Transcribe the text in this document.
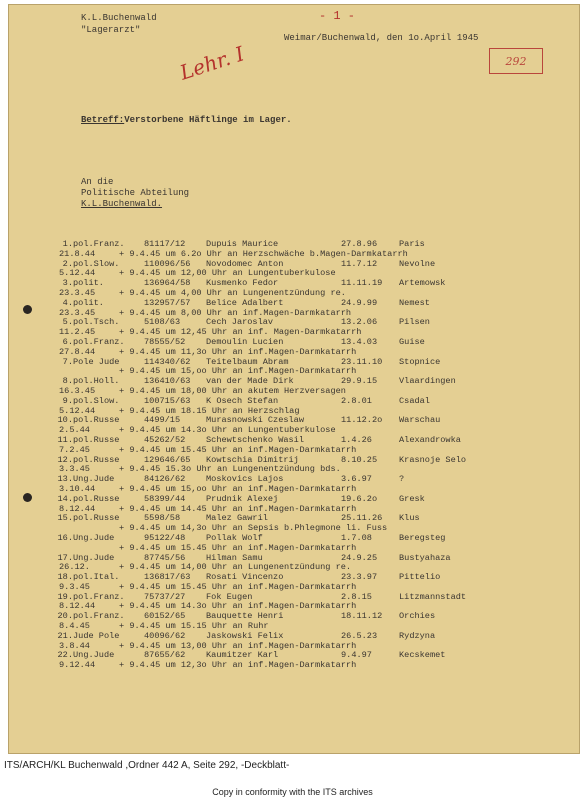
K.L.Buchenwald
"Lagerarzt"
- 1 -
Weimar/Buchenwald, den 1o.April 1945
Lehr. I	292
Betreff:Verstorbene Häftlinge im Lager.
An die
Politische Abteilung
K.L.Buchenwald.
1. pol.Franz. 81117/12 Dupuis Maurice	27.8.96	Paris
21.8.44	+ 9.4.45 um 6.2o Uhr an Herzschwäche b.Magen-Darmkatarrh
2. pol.Slow.	110096/56 Novodomec Anton	11.7.12	Nevolne
5.12.44	+ 9.4.45 um 12,00 Uhr an Lungentuberkulose
3. polit.	136964/58 Kusmenko Fedor	11.11.19 Artemowsk
23.3.45	+ 9.4.45 um 4,00 Uhr an Lungenentzündung re.
4. polit.	132957/57 Belice Adalbert	24.9.99	Nemest
23.3.45	+ 9.4.45 um 8,00 Uhr an inf.Magen-Darmkatarrh
5. pol.Tsch.	5108/63	Cech Jaroslav	13.2.06	Pilsen
11.2.45	+ 9.4.45 um 12,45 Uhr an inf. Magen-Darmkatarrh
6. pol.Franz. 78555/52 Demoulin Lucien	13.4.03	Guise
27.8.44	+ 9.4.45 um 11,3o Uhr an inf.Magen-Darmkatarrh
7. Pole Jude	114340/62 Teitelbaum Abram	23.11.10 Stopnice
+ 9.4.45 um 15,oo Uhr an inf.Magen-Darmkatarrh
8. pol.Holl.	136410/63 van der Made Dirk	29.9.15	Vlaardingen
16.3.45	+ 9.4.45 um 18,00 Uhr an akutem Herzversagen
9. pol.Slow.	100715/63 K Osech Stefan	2.8.01	Csadal
5.12.44	+ 9.4.45 um 18.15 Uhr an Herzschlag
10. pol.Russe	4499/15	Murasnowski Czeslaw	11.12.2o Warschau
2.5.44	+ 9.4.45 um 14.3o Uhr an Lungentuberkulose
11. pol.Russe	45262/52 Schewtschenko Wasil	1.4.26	Alexandrowka
7.2.45	+ 9.4.45 um 15.45 Uhr an inf.Magen-Darmkatarrh
12. pol.Russe	129646/65 Kowtschia Dimitrij	8.10.25	Krasnoje Selo
3.3.45	+ 9.4.45 15.3o Uhr an Lungenentzündung bds.
13. Ung.Jude	84126/62 Moskovics Lajos	3.6.97	?
3.10.44	+ 9.4.45 um 15,oo Uhr an inf.Magen-Darmkatarrh
14. pol.Russe	58399/44 Prudnik Alexej	19.6.2o	Gresk
8.12.44	+ 9.4.45 um 14.45 Uhr an inf.Magen-Darmkatarrh
15. pol.Russe	5598/58	Malez Gawril	25.11.26 Klus
+ 9.4.45 um 14,3o Uhr an Sepsis b.Phlegmone li. Fuss
16. Ung.Jude	95122/48 Pollak Wolf	1.7.08	Beregsteg
+ 9.4.45 um 15.45 Uhr an inf.Magen-Darmkatarrh
17. Ung.Jude	87745/56 Hilman Samu	24.9.25	Bustyahaza
26.12.	+ 9.4.45 um 14,00 Uhr an Lungenentzündung re.
18. pol.Ital.	136817/63 Rosati Vincenzo	23.3.97	Pittelio
9.3.45	+ 9.4.45 um 15.45 Uhr an inf.Magen-Darmkatarrh
19. pol.Franz. 75737/27 Fok Eugen	2.8.15	Litzmannstadt
8.12.44	+ 9.4.45 um 14.3o Uhr an inf.Magen-Darmkatarrh
20. pol.Franz. 60152/65 Bauquette Henri	18.11.12 Orchies
8.4.45	+ 9.4.45 um 15.15 Uhr an Ruhr
21. Jude Pole	40096/62 Jaskowski Felix	26.5.23	Rydzyna
3.8.44	+ 9.4.45 um 13,00 Uhr an inf.Magen-Darmkatarrh
22. Ung.Jude	87655/62 Kaumitzer Karl	9.4.97	Kecskemet
9.12.44	+ 9.4.45 um 12,3o Uhr an inf.Magen-Darmkatarrh
ITS/ARCH/KL Buchenwald ,Ordner 442 A, Seite 292, -Deckblatt-
Copy in conformity with the ITS archives
